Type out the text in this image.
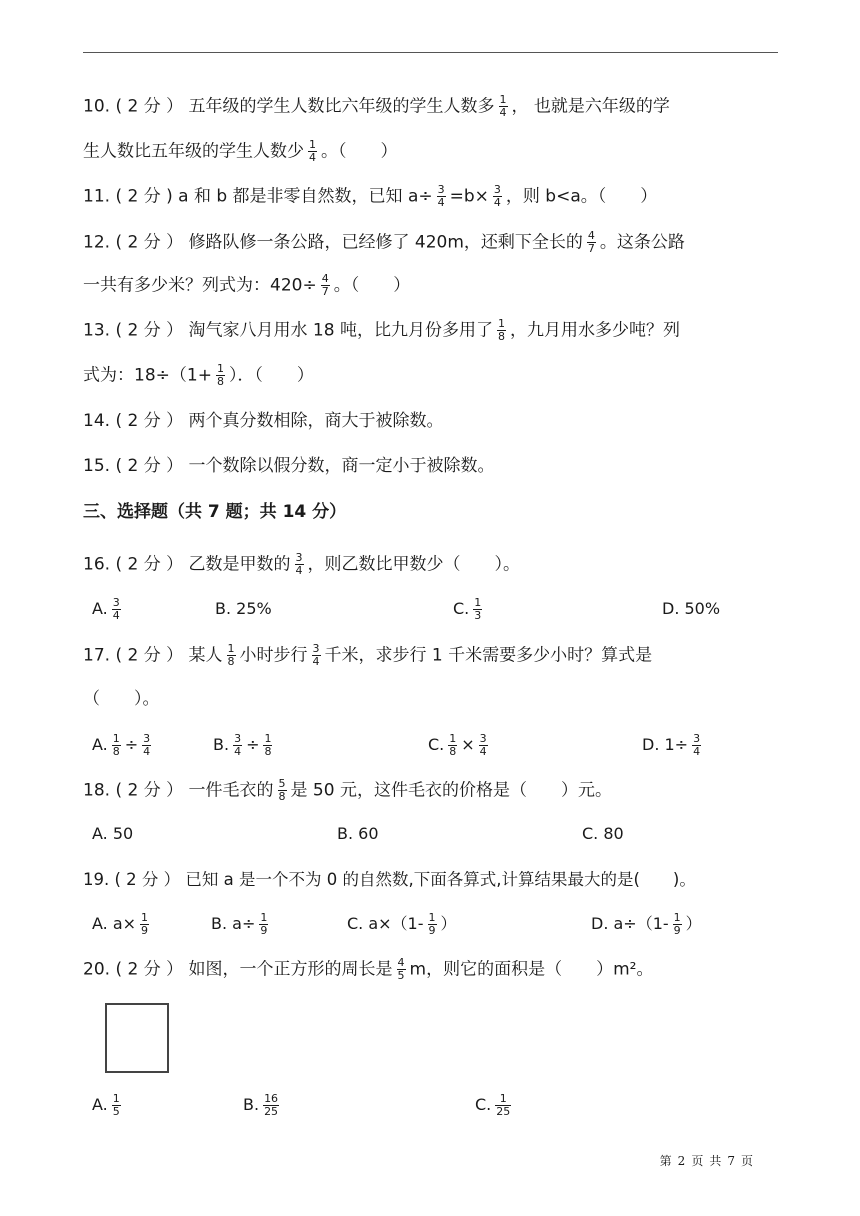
10. ( 2 分 ） 五年级的学生人数比六年级的学生人数多 $\frac{1}{4}$ ， 也就是六年级的学
生人数比五年级的学生人数少 $\frac{1}{4}$ 。（　　）
11. ( 2 分 ) a 和 b 都是非零自然数，已知 $a\div \frac{3}{4} =b\times \frac{3}{4}$ ，则 b<a。（　　）
12. ( 2 分 ） 修路队修一条公路，已经修了 420m，还剩下全长的 $\frac{4}{7}$ 。这条公路
一共有多少米？列式为：$420\div \frac{4}{7}$ 。（　　）
13. ( 2 分 ） 淘气家八月用水 18 吨，比九月份多用了 $\frac{1}{8}$ ，九月用水多少吨？列
式为：$18\div(1+ \frac{1}{8}$ ）．（　　）
14. ( 2 分 ） 两个真分数相除，商大于被除数。
15. ( 2 分 ） 一个数除以假分数，商一定小于被除数。
三、选择题（共 7 题；共 14 分）
16. ( 2 分 ） 乙数是甲数的 $\frac{3}{4}$ ，则乙数比甲数少（　　）。
A. $\frac{3}{4}$	B. 25%	C. $\frac{1}{3}$	D. 50%
17. ( 2 分 ） 某人 $\frac{1}{8}$ 小时步行 $\frac{3}{4}$ 千米，求步行 1 千米需要多少小时？算式是
（　　）。
A. $\frac{1}{8} \div \frac{3}{4}$	B. $\frac{3}{4} \div \frac{1}{8}$	C. $\frac{1}{8} \times \frac{3}{4}$	D. $1\div \frac{3}{4}$
18. ( 2 分 ） 一件毛衣的 $\frac{5}{8}$ 是 50 元，这件毛衣的价格是（　　）元。
A. 50	B. 60	C. 80
19. ( 2 分 ） 已知 a 是一个不为 0 的自然数,下面各算式,计算结果最大的是(　　)。
A. $a\times \frac{1}{9}$	B. $a\div \frac{1}{9}$	C. $a\times(1- \frac{1}{9}$ ）	D. $a\div(1- \frac{1}{9}$ ）
20. ( 2 分 ） 如图，一个正方形的周长是 $\frac{4}{5}$ m，则它的面积是（　　）m²。
A. $\frac{1}{5}$	B. $\frac{16}{25}$	C. $\frac{1}{25}$
第 2 页 共 7 页
